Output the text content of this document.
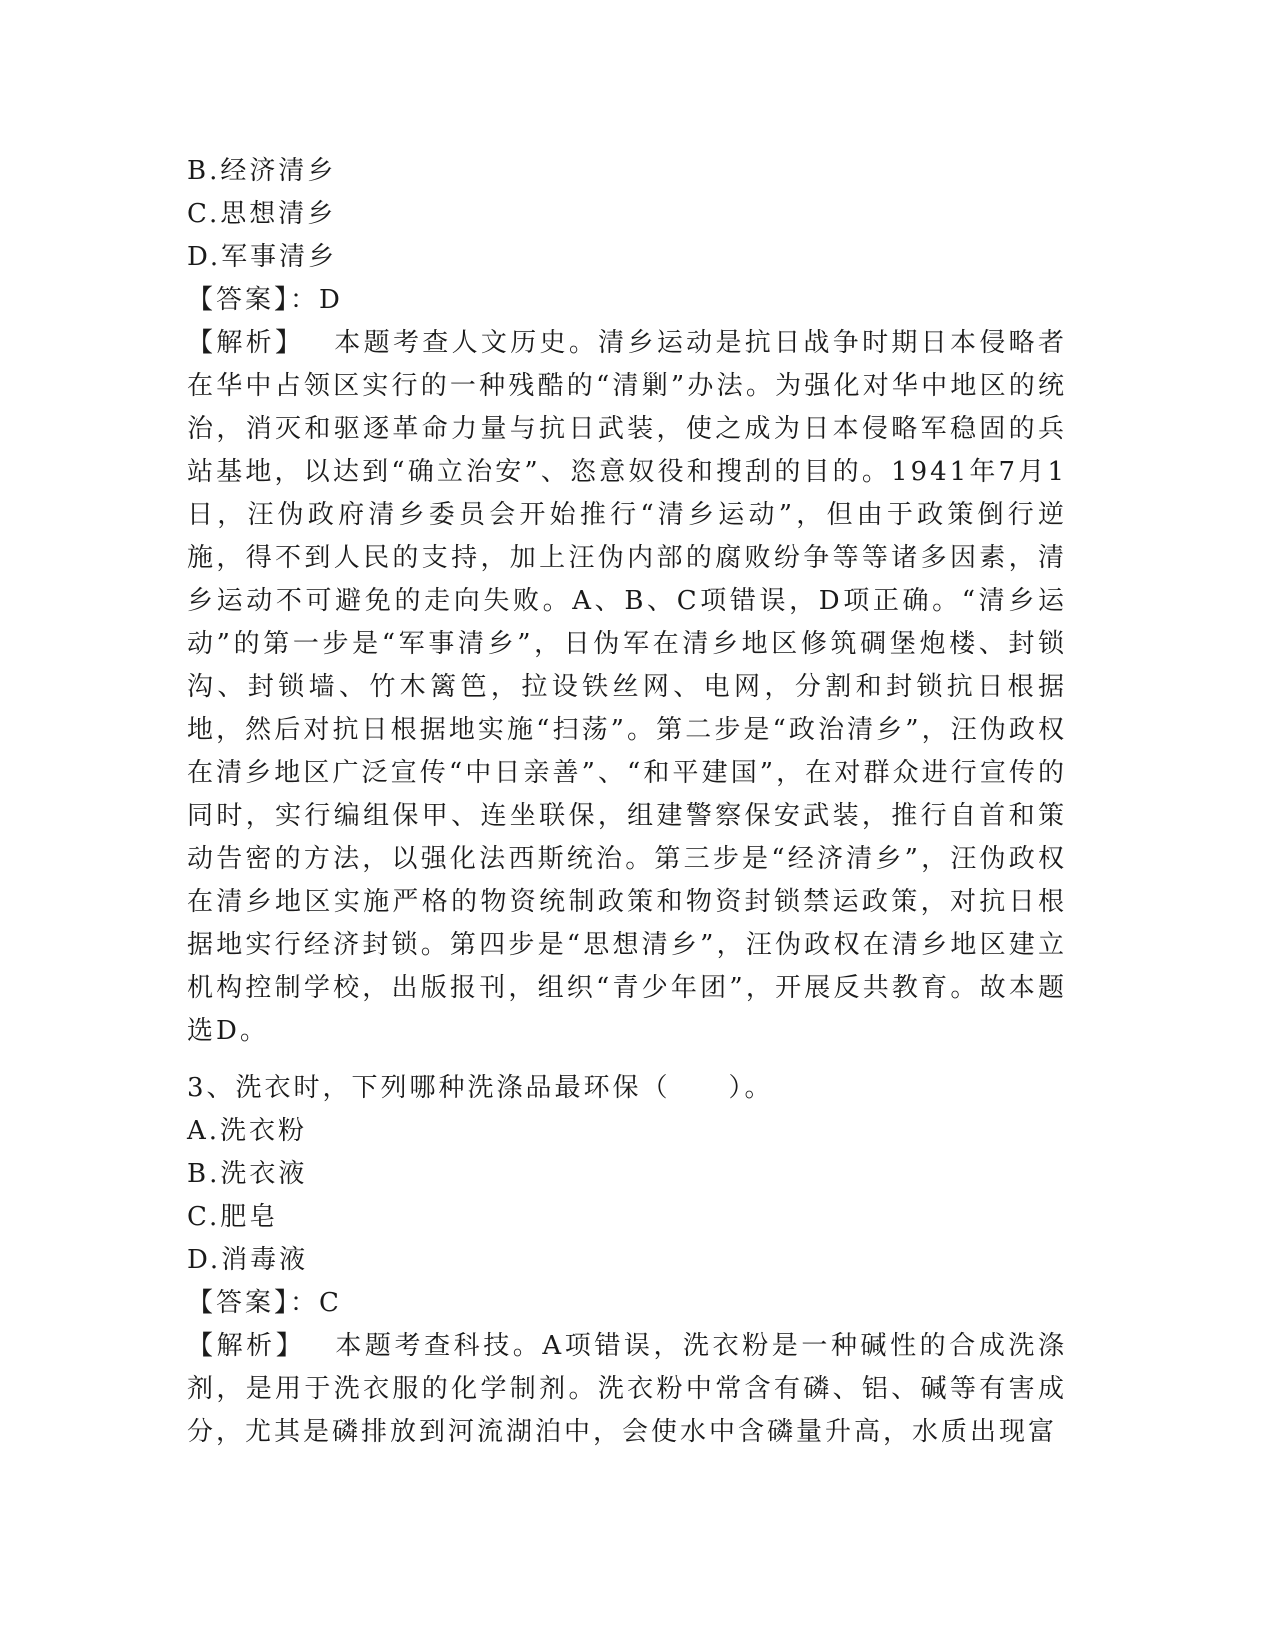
B.经济清乡
C.思想清乡
D.军事清乡
【答案】：D

【解析】 本题考查人文历史。清乡运动是抗日战争时期日本侵略者在华中占领区实行的一种残酷的“清剿”办法。为强化对华中地区的统治，消灭和驱逐革命力量与抗日武装，使之成为日本侵略军稳固的兵站基地，以达到“确立治安”、恣意奴役和搜刮的目的。1941年7月1日，汪伪政府清乡委员会开始推行“清乡运动”，但由于政策倒行逆施，得不到人民的支持，加上汪伪内部的腐败纷争等等诸多因素，清乡运动不可避免的走向失败。A、B、C项错误，D项正确。“清乡运动”的第一步是“军事清乡”，日伪军在清乡地区修筑碉堡炮楼、封锁沟、封锁墙、竹木篱笆，拉设铁丝网、电网，分割和封锁抗日根据地，然后对抗日根据地实施“扫荡”。第二步是“政治清乡”，汪伪政权在清乡地区广泛宣传“中日亲善”、“和平建国”，在对群众进行宣传的同时，实行编组保甲、连坐联保，组建警察保安武装，推行自首和策动告密的方法，以强化法西斯统治。第三步是“经济清乡”，汪伪政权在清乡地区实施严格的物资统制政策和物资封锁禁运政策，对抗日根据地实行经济封锁。第四步是“思想清乡”，汪伪政权在清乡地区建立机构控制学校，出版报刊，组织“青少年团”，开展反共教育。故本题选D。

3、洗衣时，下列哪种洗涤品最环保（　　）。
A.洗衣粉
B.洗衣液
C.肥皂
D.消毒液
【答案】：C

【解析】 本题考查科技。A项错误，洗衣粉是一种碱性的合成洗涤剂，是用于洗衣服的化学制剂。洗衣粉中常含有磷、铝、碱等有害成分，尤其是磷排放到河流湖泊中，会使水中含磷量升高，水质出现富
